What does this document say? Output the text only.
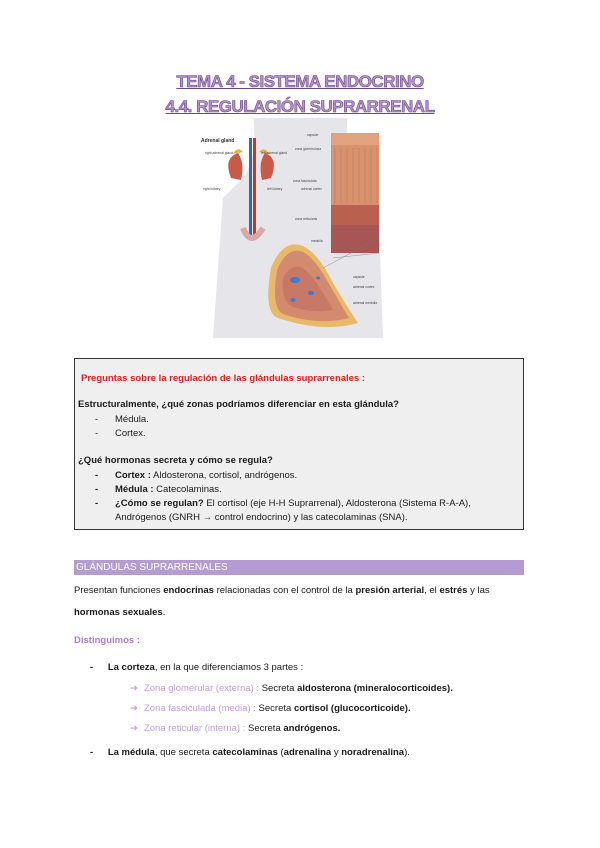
TEMA 4 - SISTEMA ENDOCRINO
4.4. REGULACIÓN SUPRARRENAL
Adrenal gland
right adrenal gland	left adrenal gland
right kidney	left kidney
capsule
zona glomerulosa
zona fasciculata
adrenal cortex
zona reticularis
medulla
capsule
adrenal cortex
adrenal medulla
Preguntas sobre la regulación de las glándulas suprarrenales :
Estructuralmente, ¿qué zonas podríamos diferenciar en esta glándula?
- Médula.
- Cortex.
¿Qué hormonas secreta y cómo se regula?
- Cortex : Aldosterona, cortisol, andrógenos.
- Médula : Catecolaminas.
- ¿Cómo se regulan? El cortisol (eje H-H Suprarrenal), Aldosterona (Sistema R-A-A),
Andrógenos (GNRH → control endocrino) y las catecolaminas (SNA).
GLÁNDULAS SUPRARRENALES
Presentan funciones endocrinas relacionadas con el control de la presión arterial, el estrés y las
hormonas sexuales.
Distinguimos :
- La corteza, en la que diferenciamos 3 partes :
➔ Zona glomerular (externa) : Secreta aldosterona (mineralocorticoides).
➔ Zona fasciculada (media) : Secreta cortisol (glucocorticoide).
➔ Zona reticular (interna) : Secreta andrógenos.
- La médula, que secreta catecolaminas (adrenalina y noradrenalina).
